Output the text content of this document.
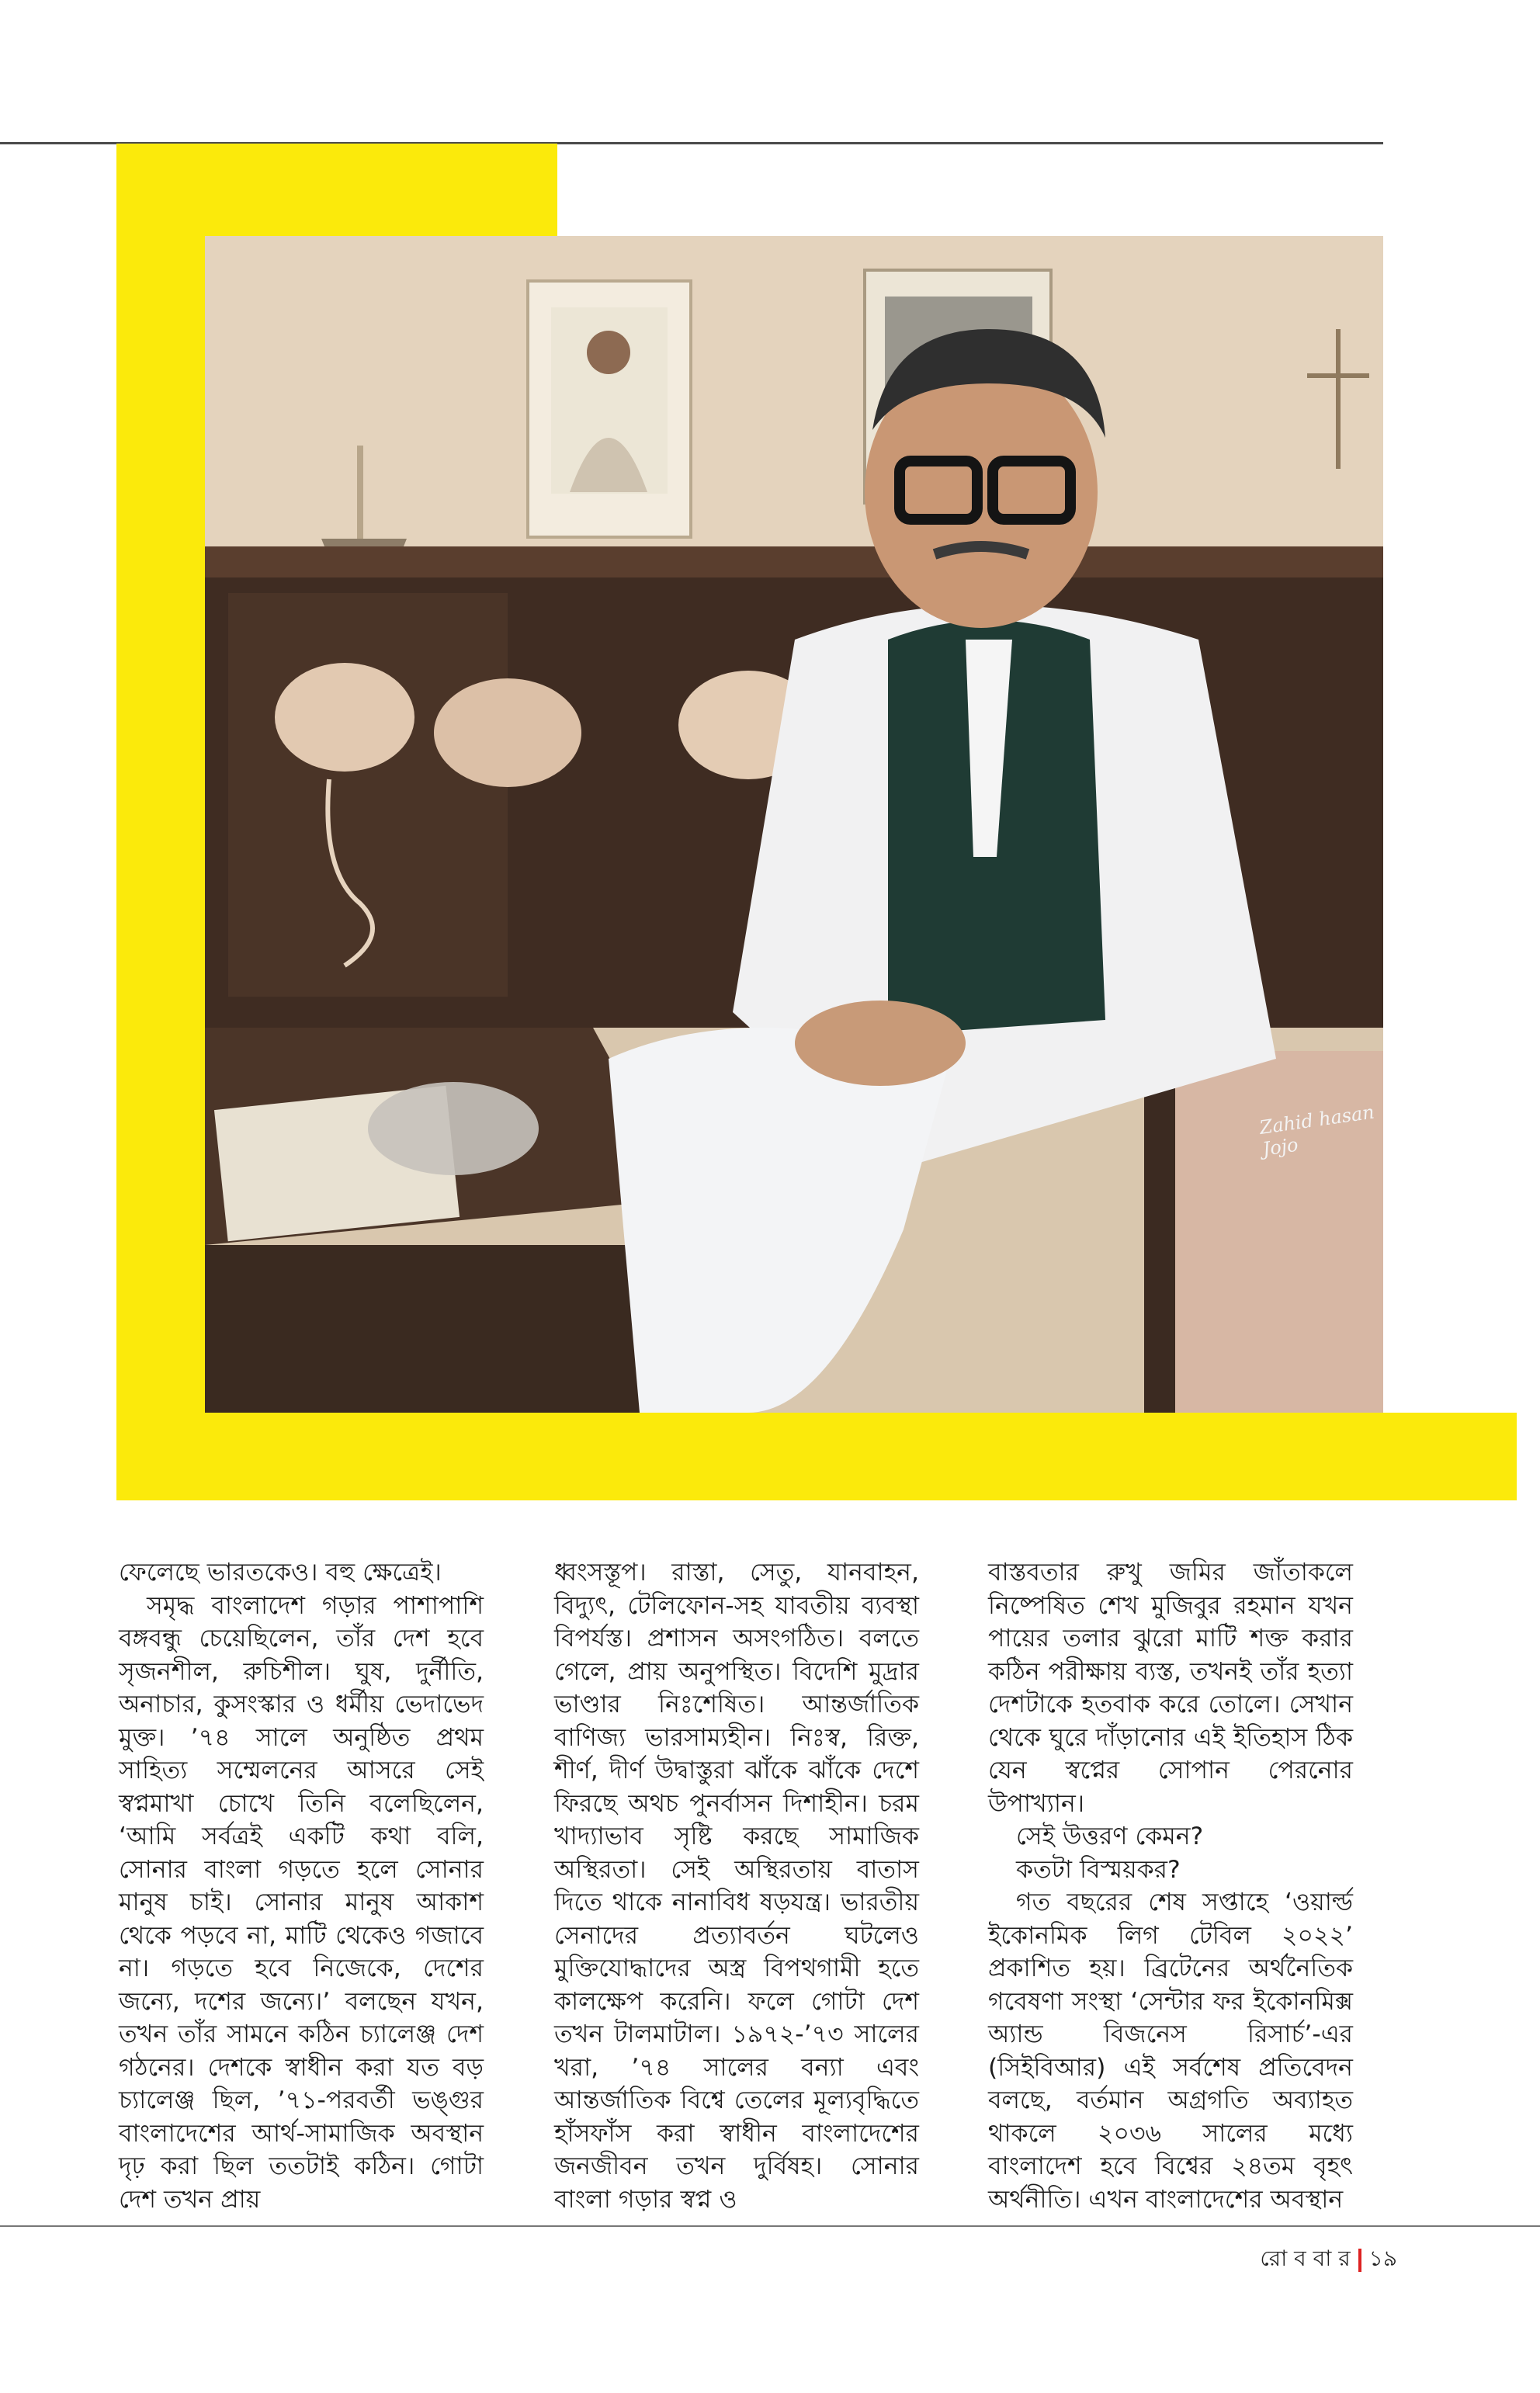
Zahid hasan Jojo

ফেলেছে ভারতকেও। বহু ক্ষেত্রেই।

সমৃদ্ধ বাংলাদেশ গড়ার পাশাপাশি বঙ্গবন্ধু চেয়েছিলেন, তাঁর দেশ হবে সৃজনশীল, রুচিশীল। ঘুষ, দুর্নীতি, অনাচার, কুসংস্কার ও ধর্মীয় ভেদাভেদ মুক্ত। ’৭৪ সালে অনুষ্ঠিত প্রথম সাহিত্য সম্মেলনের আসরে সেই স্বপ্নমাখা চোখে তিনি বলেছিলেন, ‘আমি সর্বত্রই একটি কথা বলি, সোনার বাংলা গড়তে হলে সোনার মানুষ চাই। সোনার মানুষ আকাশ থেকে পড়বে না, মাটি থেকেও গজাবে না। গড়তে হবে নিজেকে, দেশের জন্যে, দশের জন্যে।’ বলছেন যখন, তখন তাঁর সামনে কঠিন চ্যালেঞ্জ দেশ গঠনের। দেশকে স্বাধীন করা যত বড় চ্যালেঞ্জ ছিল, ’৭১-পরবর্তী ভঙ্গুর বাংলাদেশের আর্থ-সামাজিক অবস্থান দৃঢ় করা ছিল ততটাই কঠিন। গোটা দেশ তখন প্রায়

ধ্বংসস্তূপ। রাস্তা, সেতু, যানবাহন, বিদ্যুৎ, টেলিফোন-সহ যাবতীয় ব্যবস্থা বিপর্যস্ত। প্রশাসন অসংগঠিত। বলতে গেলে, প্রায় অনুপস্থিত। বিদেশি মুদ্রার ভাণ্ডার নিঃশেষিত। আন্তর্জাতিক বাণিজ্য ভারসাম্যহীন। নিঃস্ব, রিক্ত, শীর্ণ, দীর্ণ উদ্বাস্তুরা ঝাঁকে ঝাঁকে দেশে ফিরছে অথচ পুনর্বাসন দিশাহীন। চরম খাদ্যাভাব সৃষ্টি করছে সামাজিক অস্থিরতা। সেই অস্থিরতায় বাতাস দিতে থাকে নানাবিধ ষড়যন্ত্র। ভারতীয় সেনাদের প্রত্যাবর্তন ঘটলেও মুক্তিযোদ্ধাদের অস্ত্র বিপথগামী হতে কালক্ষেপ করেনি। ফলে গোটা দেশ তখন টালমাটাল। ১৯৭২-’৭৩ সালের খরা, ’৭৪ সালের বন্যা এবং আন্তর্জাতিক বিশ্বে তেলের মূল্যবৃদ্ধিতে হাঁসফাঁস করা স্বাধীন বাংলাদেশের জনজীবন তখন দুর্বিষহ। সোনার বাংলা গড়ার স্বপ্ন ও

বাস্তবতার রুখু জমির জাঁতাকলে নিষ্পেষিত শেখ মুজিবুর রহমান যখন পায়ের তলার ঝুরো মাটি শক্ত করার কঠিন পরীক্ষায় ব্যস্ত, তখনই তাঁর হত্যা দেশটাকে হতবাক করে তোলে। সেখান থেকে ঘুরে দাঁড়ানোর এই ইতিহাস ঠিক যেন স্বপ্নের সোপান পেরনোর উপাখ্যান।

সেই উত্তরণ কেমন?

কতটা বিস্ময়কর?

গত বছরের শেষ সপ্তাহে ‘ওয়ার্ল্ড ইকোনমিক লিগ টেবিল ২০২২’ প্রকাশিত হয়। ব্রিটেনের অর্থনৈতিক গবেষণা সংস্থা ‘সেন্টার ফর ইকোনমিক্স অ্যান্ড বিজনেস রিসার্চ’-এর (সিইবিআর) এই সর্বশেষ প্রতিবেদন বলছে, বর্তমান অগ্রগতি অব্যাহত থাকলে ২০৩৬ সালের মধ্যে বাংলাদেশ হবে বিশ্বের ২৪তম বৃহৎ অর্থনীতি। এখন বাংলাদেশের অবস্থান

রো ব বা র ১৯
